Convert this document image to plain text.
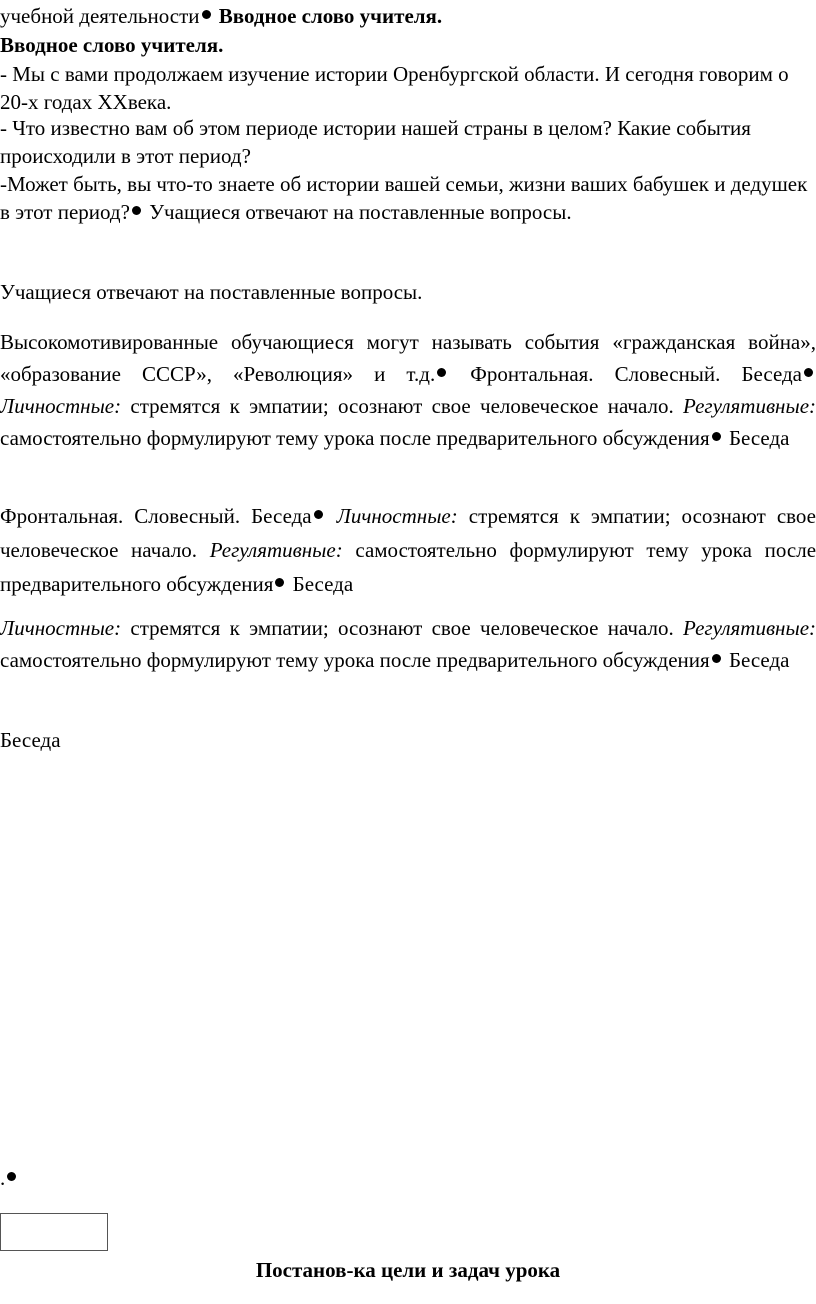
учебной деятельности Вводное слово учителя.
Вводное слово учителя.
- Мы с вами продолжаем изучение истории Оренбургской области. И сегодня говорим о 20-х годах XXвека.
- Что известно вам об этом периоде истории нашей страны в целом? Какие события происходили в этот период?
-Может быть, вы что-то знаете об истории вашей семьи, жизни ваших бабушек и дедушек в этот период? Учащиеся отвечают на поставленные вопросы.
Учащиеся отвечают на поставленные вопросы.
Высокомотивированные обучающиеся могут называть события «гражданская война», «образование СССР», «Революция» и т.д. Фронтальная. Словесный. Беседа Личностные: стремятся к эмпатии; осознают свое человеческое начало. Регулятивные: самостоятельно формулируют тему урока после предварительного обсуждения Беседа
Фронтальная. Словесный. Беседа Личностные: стремятся к эмпатии; осознают свое человеческое начало. Регулятивные: самостоятельно формулируют тему урока после предварительного обсуждения Беседа
Личностные: стремятся к эмпатии; осознают свое человеческое начало. Регулятивные: самостоятельно формулируют тему урока после предварительного обсуждения Беседа
Беседа
.
Постанов-ка цели и задач урока
